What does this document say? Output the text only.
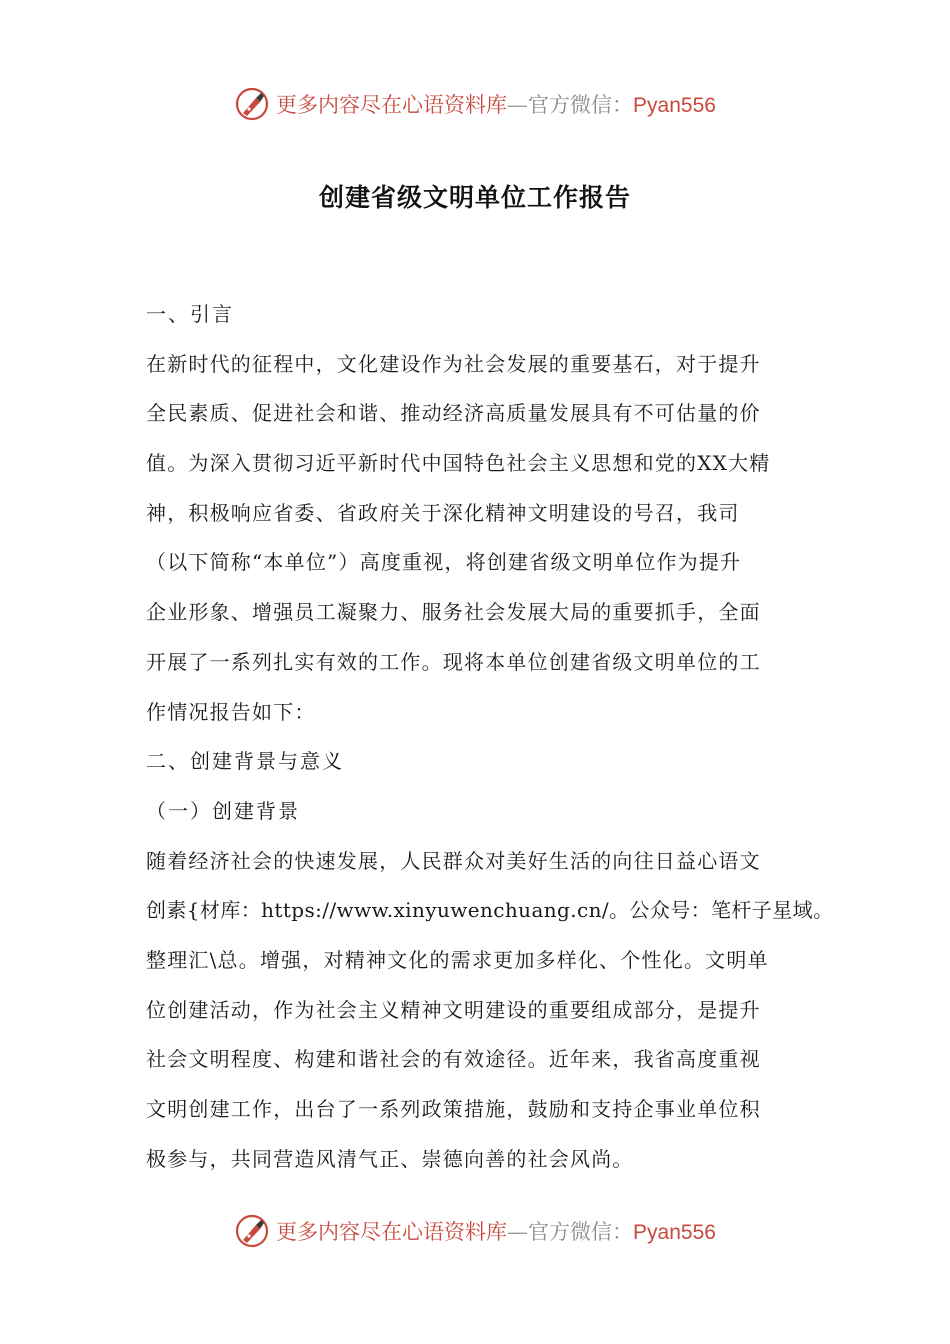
更多内容尽在心语资料库—官方微信：Pyan556
创建省级文明单位工作报告
一、引言
在新时代的征程中，文化建设作为社会发展的重要基石，对于提升
全民素质、促进社会和谐、推动经济高质量发展具有不可估量的价
值。为深入贯彻习近平新时代中国特色社会主义思想和党的XX大精
神，积极响应省委、省政府关于深化精神文明建设的号召，我司
（以下简称“本单位”）高度重视，将创建省级文明单位作为提升
企业形象、增强员工凝聚力、服务社会发展大局的重要抓手，全面
开展了一系列扎实有效的工作。现将本单位创建省级文明单位的工
作情况报告如下：
二、创建背景与意义
（一）创建背景
随着经济社会的快速发展，人民群众对美好生活的向往日益心语文
创素{材库：https://www.xinyuwenchuang.cn/。公众号：笔杆子星域。
整理汇\总。增强，对精神文化的需求更加多样化、个性化。文明单
位创建活动，作为社会主义精神文明建设的重要组成部分，是提升
社会文明程度、构建和谐社会的有效途径。近年来，我省高度重视
文明创建工作，出台了一系列政策措施，鼓励和支持企事业单位积
极参与，共同营造风清气正、崇德向善的社会风尚。
更多内容尽在心语资料库—官方微信：Pyan556
